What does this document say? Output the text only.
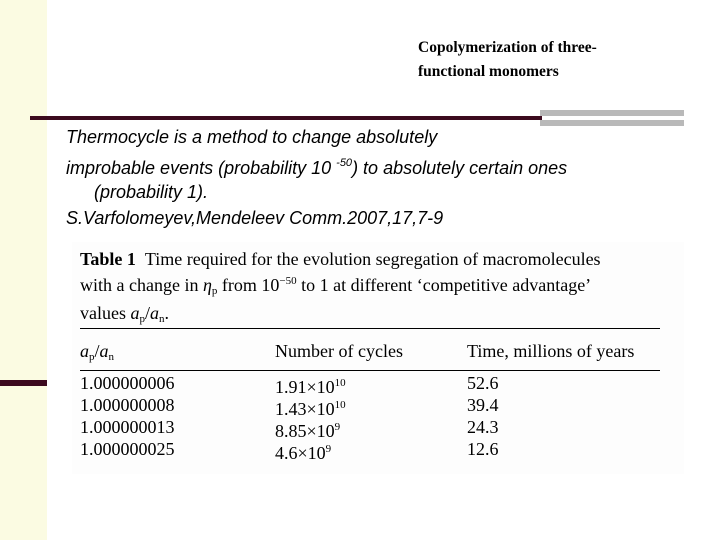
Copolymerization of three-
functional monomers
Thermocycle is a method to change absolutely
improbable events (probability 10 $^{-50}$) to absolutely certain ones
(probability 1).
S.Varfolomeyev,Mendeleev Comm.2007,17,7-9
Table 1 Time required for the evolution segregation of macromolecules
with a change in $\eta_p$ from $10^{-50}$ to 1 at different ‘competitive advantage’
values $a_p/a_n$.
$a_p/a_n$	Number of cycles	Time, millions of years
1.000000006	$1.91\times 10^{10}$	52.6
1.000000008	$1.43\times 10^{10}$	39.4
1.000000013	$8.85\times 10^9$	24.3
1.000000025	$4.6\times 10^9$	12.6
